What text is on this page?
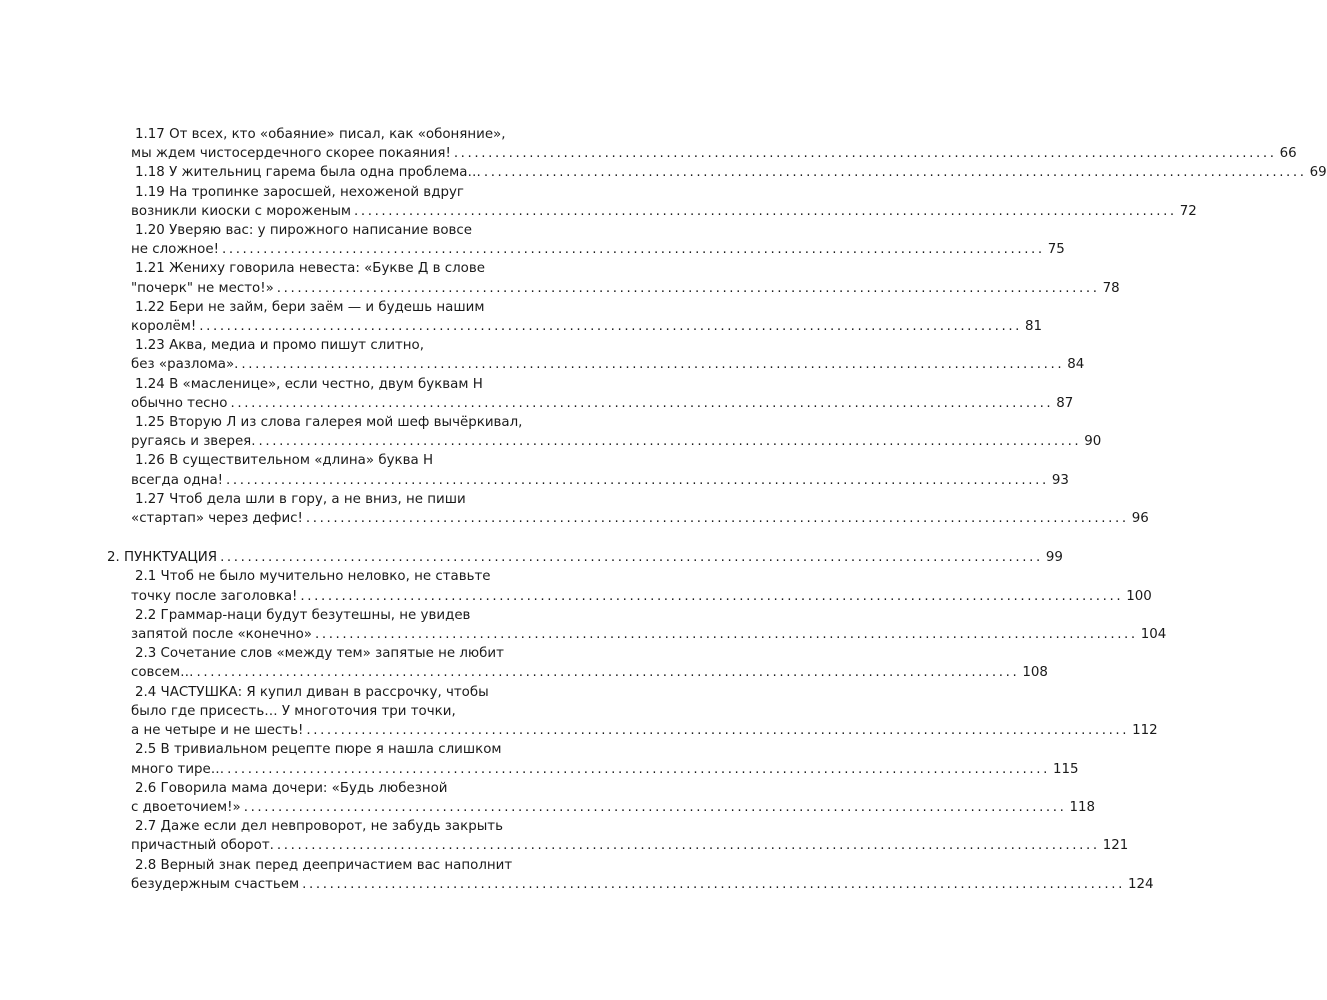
1.17 От всех, кто «обаяние» писал, как «обоняние»,
мы ждем чистосердечного скорее покаяния! ........................................................................................................................ 66
1.18 У жительниц гарема была одна проблема… ........................................................................................................................ 69
1.19 На тропинке заросшей, нехоженой вдруг
возникли киоски с мороженым ........................................................................................................................ 72
1.20 Уверяю вас: у пирожного написание вовсе
не сложное! ........................................................................................................................ 75
1.21 Жениху говорила невеста: «Букве Д в слове
"почерк" не место!» ........................................................................................................................ 78
1.22 Бери не займ, бери заём — и будешь нашим
королём! ........................................................................................................................ 81
1.23 Аква, медиа и промо пишут слитно,
без «разлома». ........................................................................................................................ 84
1.24 В «масленице», если честно, двум буквам Н
обычно тесно ........................................................................................................................ 87
1.25 Вторую Л из слова галерея мой шеф вычёркивал,
ругаясь и зверея. ........................................................................................................................ 90
1.26 В существительном «длина» буква Н
всегда одна! ........................................................................................................................ 93
1.27 Чтоб дела шли в гору, а не вниз, не пиши
«стартап» через дефис! ........................................................................................................................ 96
2. ПУНКТУАЦИЯ ........................................................................................................................ 99
2.1 Чтоб не было мучительно неловко, не ставьте
точку после заголовка! ........................................................................................................................ 100
2.2 Граммар-наци будут безутешны, не увидев
запятой после «конечно» ........................................................................................................................ 104
2.3 Сочетание слов «между тем» запятые не любит
совсем… ........................................................................................................................ 108
2.4 ЧАСТУШКА: Я купил диван в рассрочку, чтобы
было где присесть… У многоточия три точки,
а не четыре и не шесть! ........................................................................................................................ 112
2.5 В тривиальном рецепте пюре я нашла слишком
много тире… ........................................................................................................................ 115
2.6 Говорила мама дочери: «Будь любезной
с двоеточием!» ........................................................................................................................ 118
2.7 Даже если дел невпроворот, не забудь закрыть
причастный оборот. ........................................................................................................................ 121
2.8 Верный знак перед деепричастием вас наполнит
безудержным счастьем ........................................................................................................................ 124
